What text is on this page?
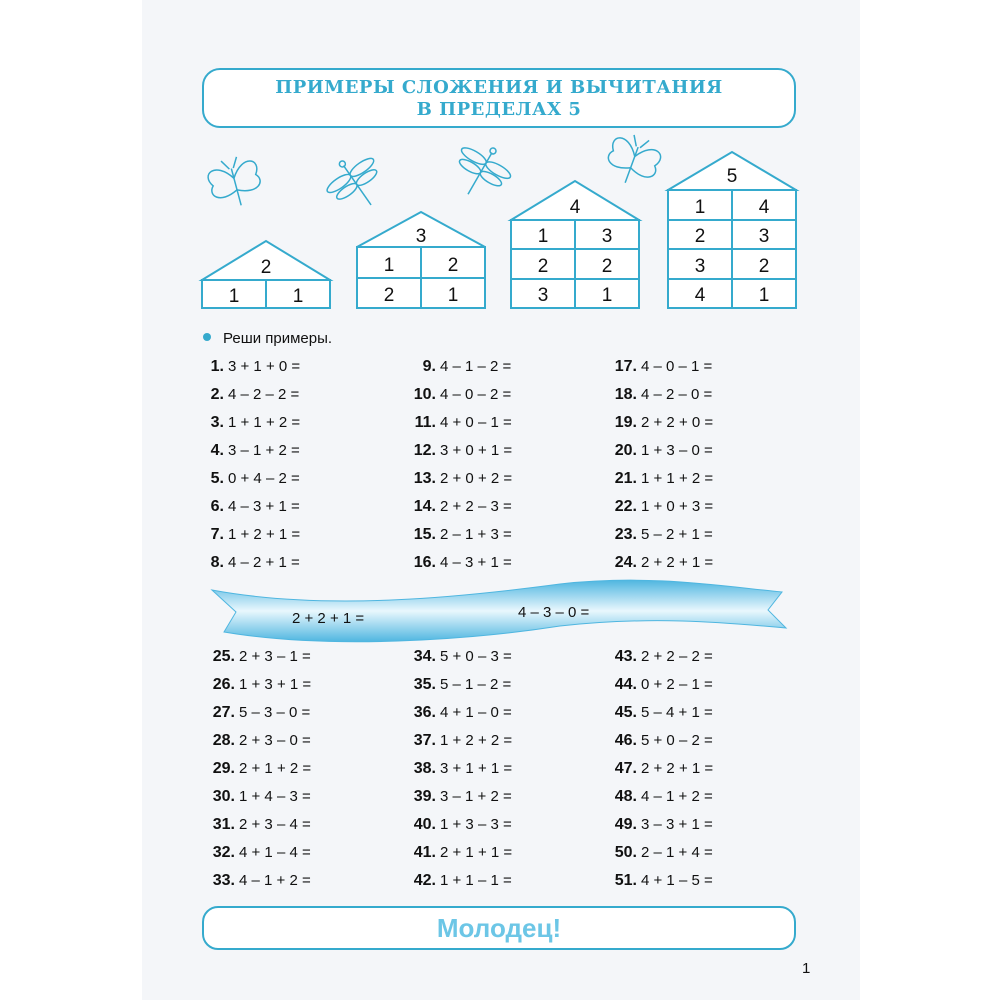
ПРИМЕРЫ СЛОЖЕНИЯ И ВЫЧИТАНИЯ
В ПРЕДЕЛАХ 5
2
1	1
3
1	2
2	1
4
1	3
2	2
3	1
5
1	4
2	3
3	2
4	1
Реши примеры.
1. 3 + 1 + 0 =
2. 4 – 2 – 2 =
3. 1 + 1 + 2 =
4. 3 – 1 + 2 =
5. 0 + 4 – 2 =
6. 4 – 3 + 1 =
7. 1 + 2 + 1 =
8. 4 – 2 + 1 =
9. 4 – 1 – 2 =
10. 4 – 0 – 2 =
11. 4 + 0 – 1 =
12. 3 + 0 + 1 =
13. 2 + 0 + 2 =
14. 2 + 2 – 3 =
15. 2 – 1 + 3 =
16. 4 – 3 + 1 =
17. 4 – 0 – 1 =
18. 4 – 2 – 0 =
19. 2 + 2 + 0 =
20. 1 + 3 – 0 =
21. 1 + 1 + 2 =
22. 1 + 0 + 3 =
23. 5 – 2 + 1 =
24. 2 + 2 + 1 =
25. 2 + 3 – 1 =
26. 1 + 3 + 1 =
27. 5 – 3 – 0 =
28. 2 + 3 – 0 =
29. 2 + 1 + 2 =
30. 1 + 4 – 3 =
31. 2 + 3 – 4 =
32. 4 + 1 – 4 =
33. 4 – 1 + 2 =
34. 5 + 0 – 3 =
35. 5 – 1 – 2 =
36. 4 + 1 – 0 =
37. 1 + 2 + 2 =
38. 3 + 1 + 1 =
39. 3 – 1 + 2 =
40. 1 + 3 – 3 =
41. 2 + 1 + 1 =
42. 1 + 1 – 1 =
43. 2 + 2 – 2 =
44. 0 + 2 – 1 =
45. 5 – 4 + 1 =
46. 5 + 0 – 2 =
47. 2 + 2 + 1 =
48. 4 – 1 + 2 =
49. 3 – 3 + 1 =
50. 2 – 1 + 4 =
51. 4 + 1 – 5 =
2 + 2 + 1 =	4 – 3 – 0 =
Молодец!
1
